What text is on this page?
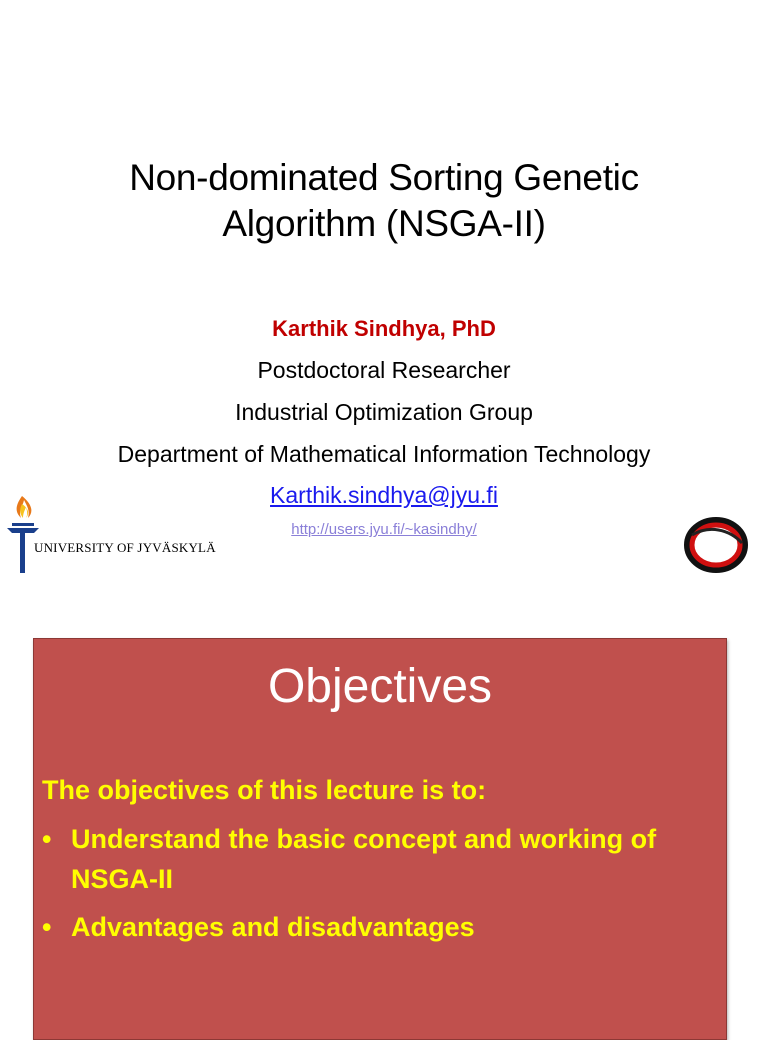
Non-dominated Sorting Genetic
Algorithm (NSGA-II)
Karthik Sindhya, PhD
Postdoctoral Researcher
Industrial Optimization Group
Department of Mathematical Information Technology
Karthik.sindhya@jyu.fi
http://users.jyu.fi/~kasindhy/
UNIVERSITY OF JYVÄSKYLÄ
Objectives
The objectives of this lecture is to:
• Understand the basic concept and working of NSGA-II
• Advantages and disadvantages
